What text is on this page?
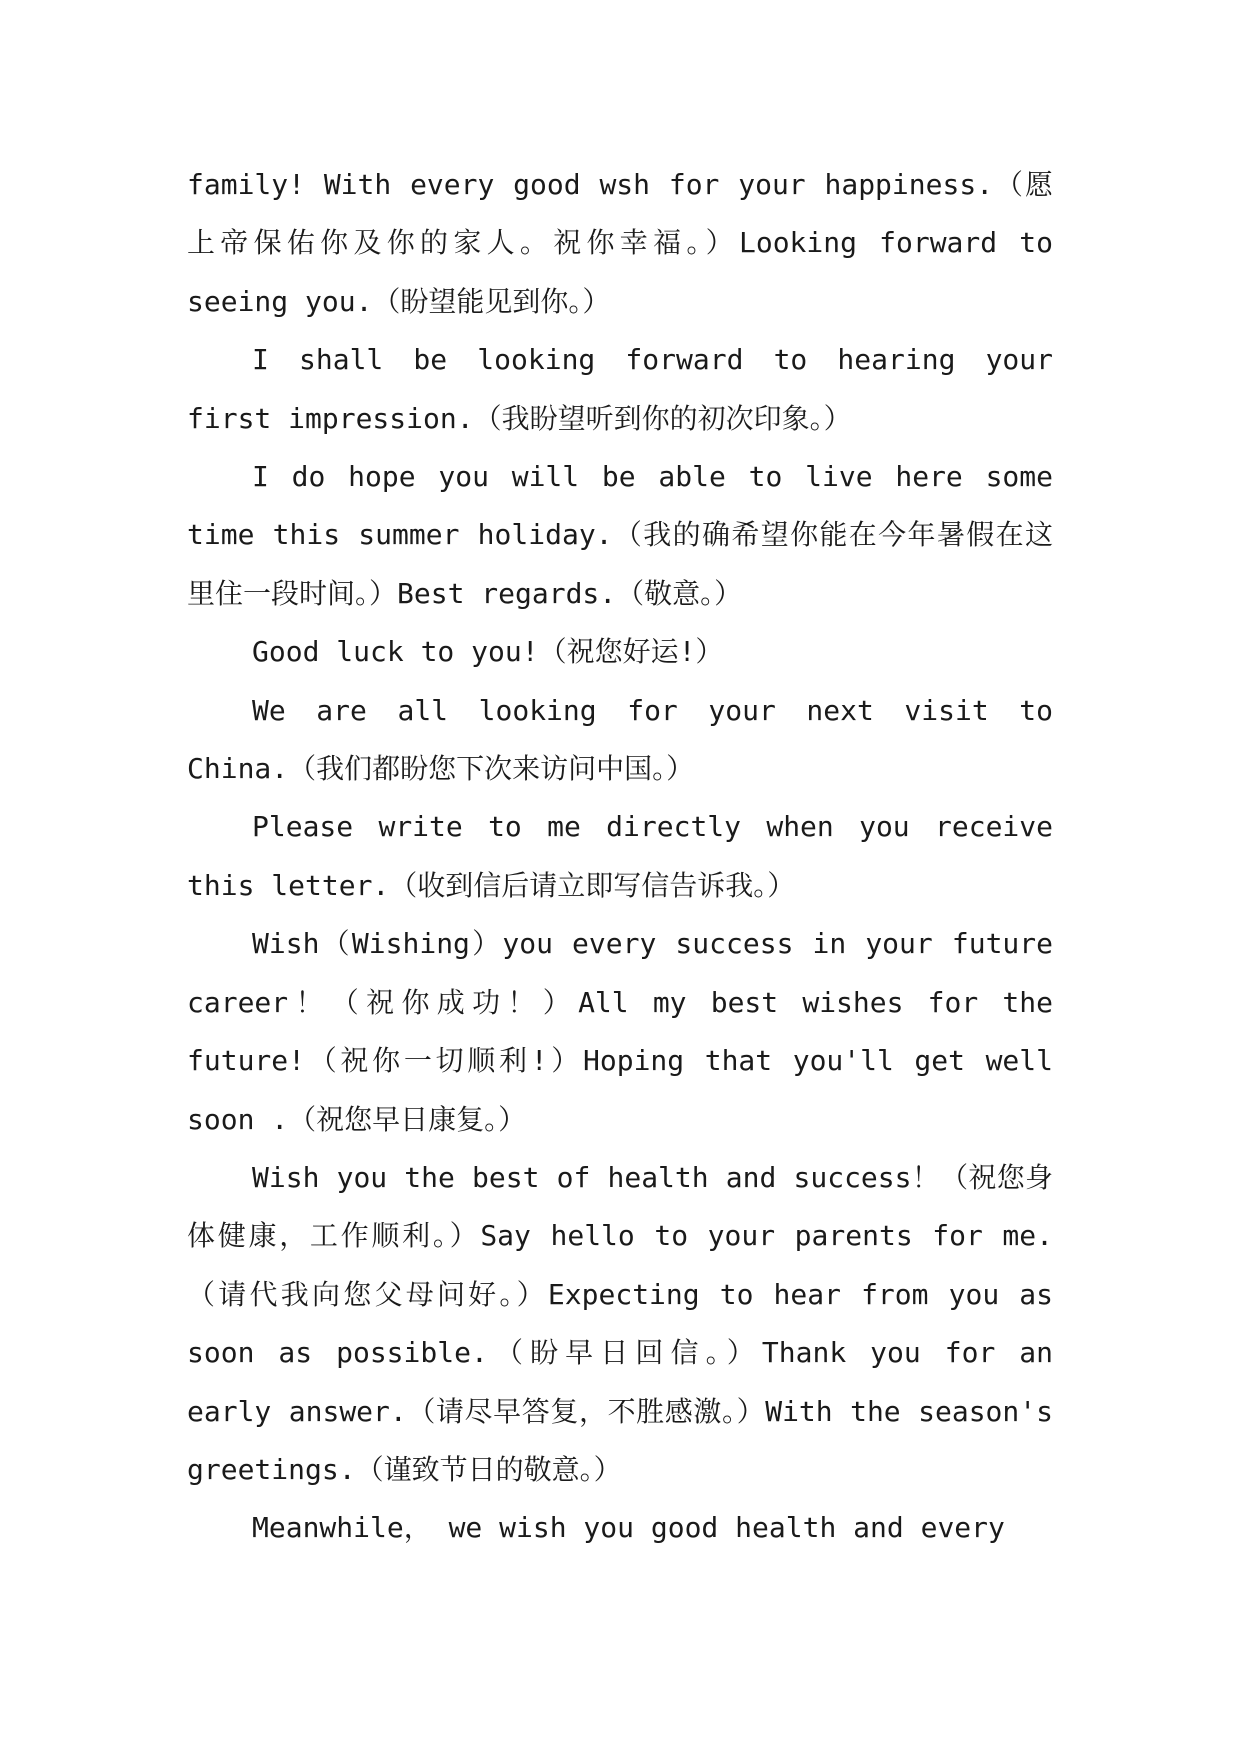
family! With every good wsh for your happiness.（愿上帝保佑你及你的家人。祝你幸福。）Looking forward to seeing you.（盼望能见到你。）

I shall be looking forward to hearing your first impression.（我盼望听到你的初次印象。）

I do hope you will be able to live here some time this summer holiday.（我的确希望你能在今年暑假在这里住一段时间。）Best regards.（敬意。）

Good luck to you!（祝您好运!）

We are all looking for your next visit to China.（我们都盼您下次来访问中国。）

Please write to me directly when you receive this letter.（收到信后请立即写信告诉我。）

Wish（Wishing）you every success in your future career！（祝你成功！）All my best wishes for the future!（祝你一切顺利!）Hoping that you'll get well soon .（祝您早日康复。）

Wish you the best of health and success！（祝您身体健康，工作顺利。）Say hello to your parents for me.（请代我向您父母问好。）Expecting to hear from you as soon as possible.（盼早日回信。）Thank you for an early answer.（请尽早答复，不胜感激。）With the season's greetings.（谨致节日的敬意。）

Meanwhile， we wish you good health and every
